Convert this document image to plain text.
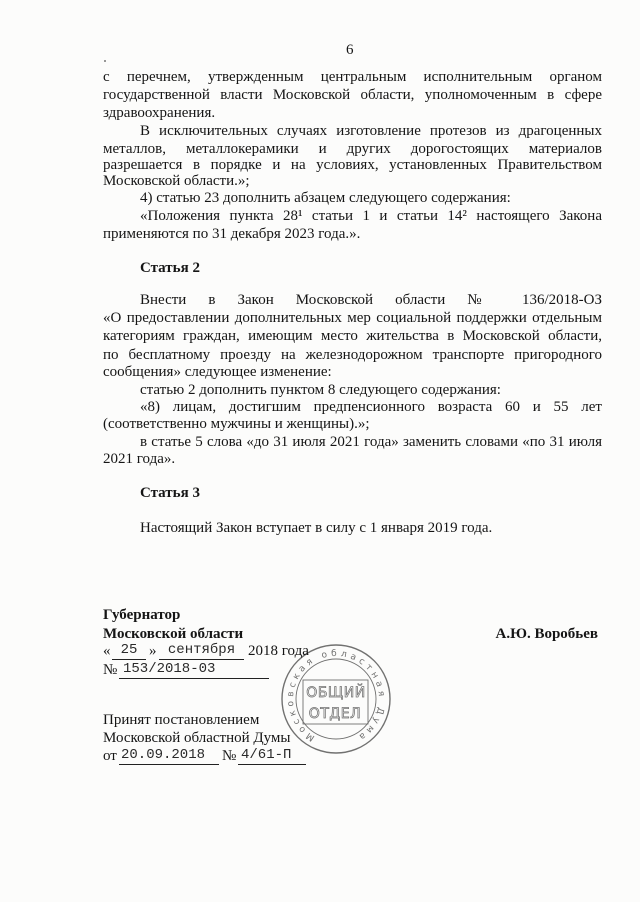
6
с перечнем, утвержденным центральным исполнительным органом
государственной власти Московской области, уполномоченным в сфере
здравоохранения.
В исключительных случаях изготовление протезов из драгоценных
металлов, металлокерамики и других дорогостоящих материалов
разрешается в порядке и на условиях, установленных Правительством
Московской области.»;
4) статью 23 дополнить абзацем следующего содержания:
«Положения пункта 28¹ статьи 1 и статьи 14² настоящего Закона
применяются по 31 декабря 2023 года.».
Статья 2
Внести в Закон Московской области № 136/2018-ОЗ
«О предоставлении дополнительных мер социальной поддержки отдельным
категориям граждан, имеющим место жительства в Московской области,
по бесплатному проезду на железнодорожном транспорте пригородного
сообщения» следующее изменение:
статью 2 дополнить пунктом 8 следующего содержания:
«8) лицам, достигшим предпенсионного возраста 60 и 55 лет
(соответственно мужчины и женщины).»;
в статье 5 слова «до 31 июля 2021 года» заменить словами «по 31 июля
2021 года».
Статья 3
Настоящий Закон вступает в силу с 1 января 2019 года.
Губернатор
Московской области	А.Ю. Воробьев
« 25 » сентября 2018 года
№ 153/2018-03
Принят постановлением
Московской областной Думы
от 20.09.2018	№ 4/61-П
Московская областная Дума
ОБЩИЙ
ОТДЕЛ
